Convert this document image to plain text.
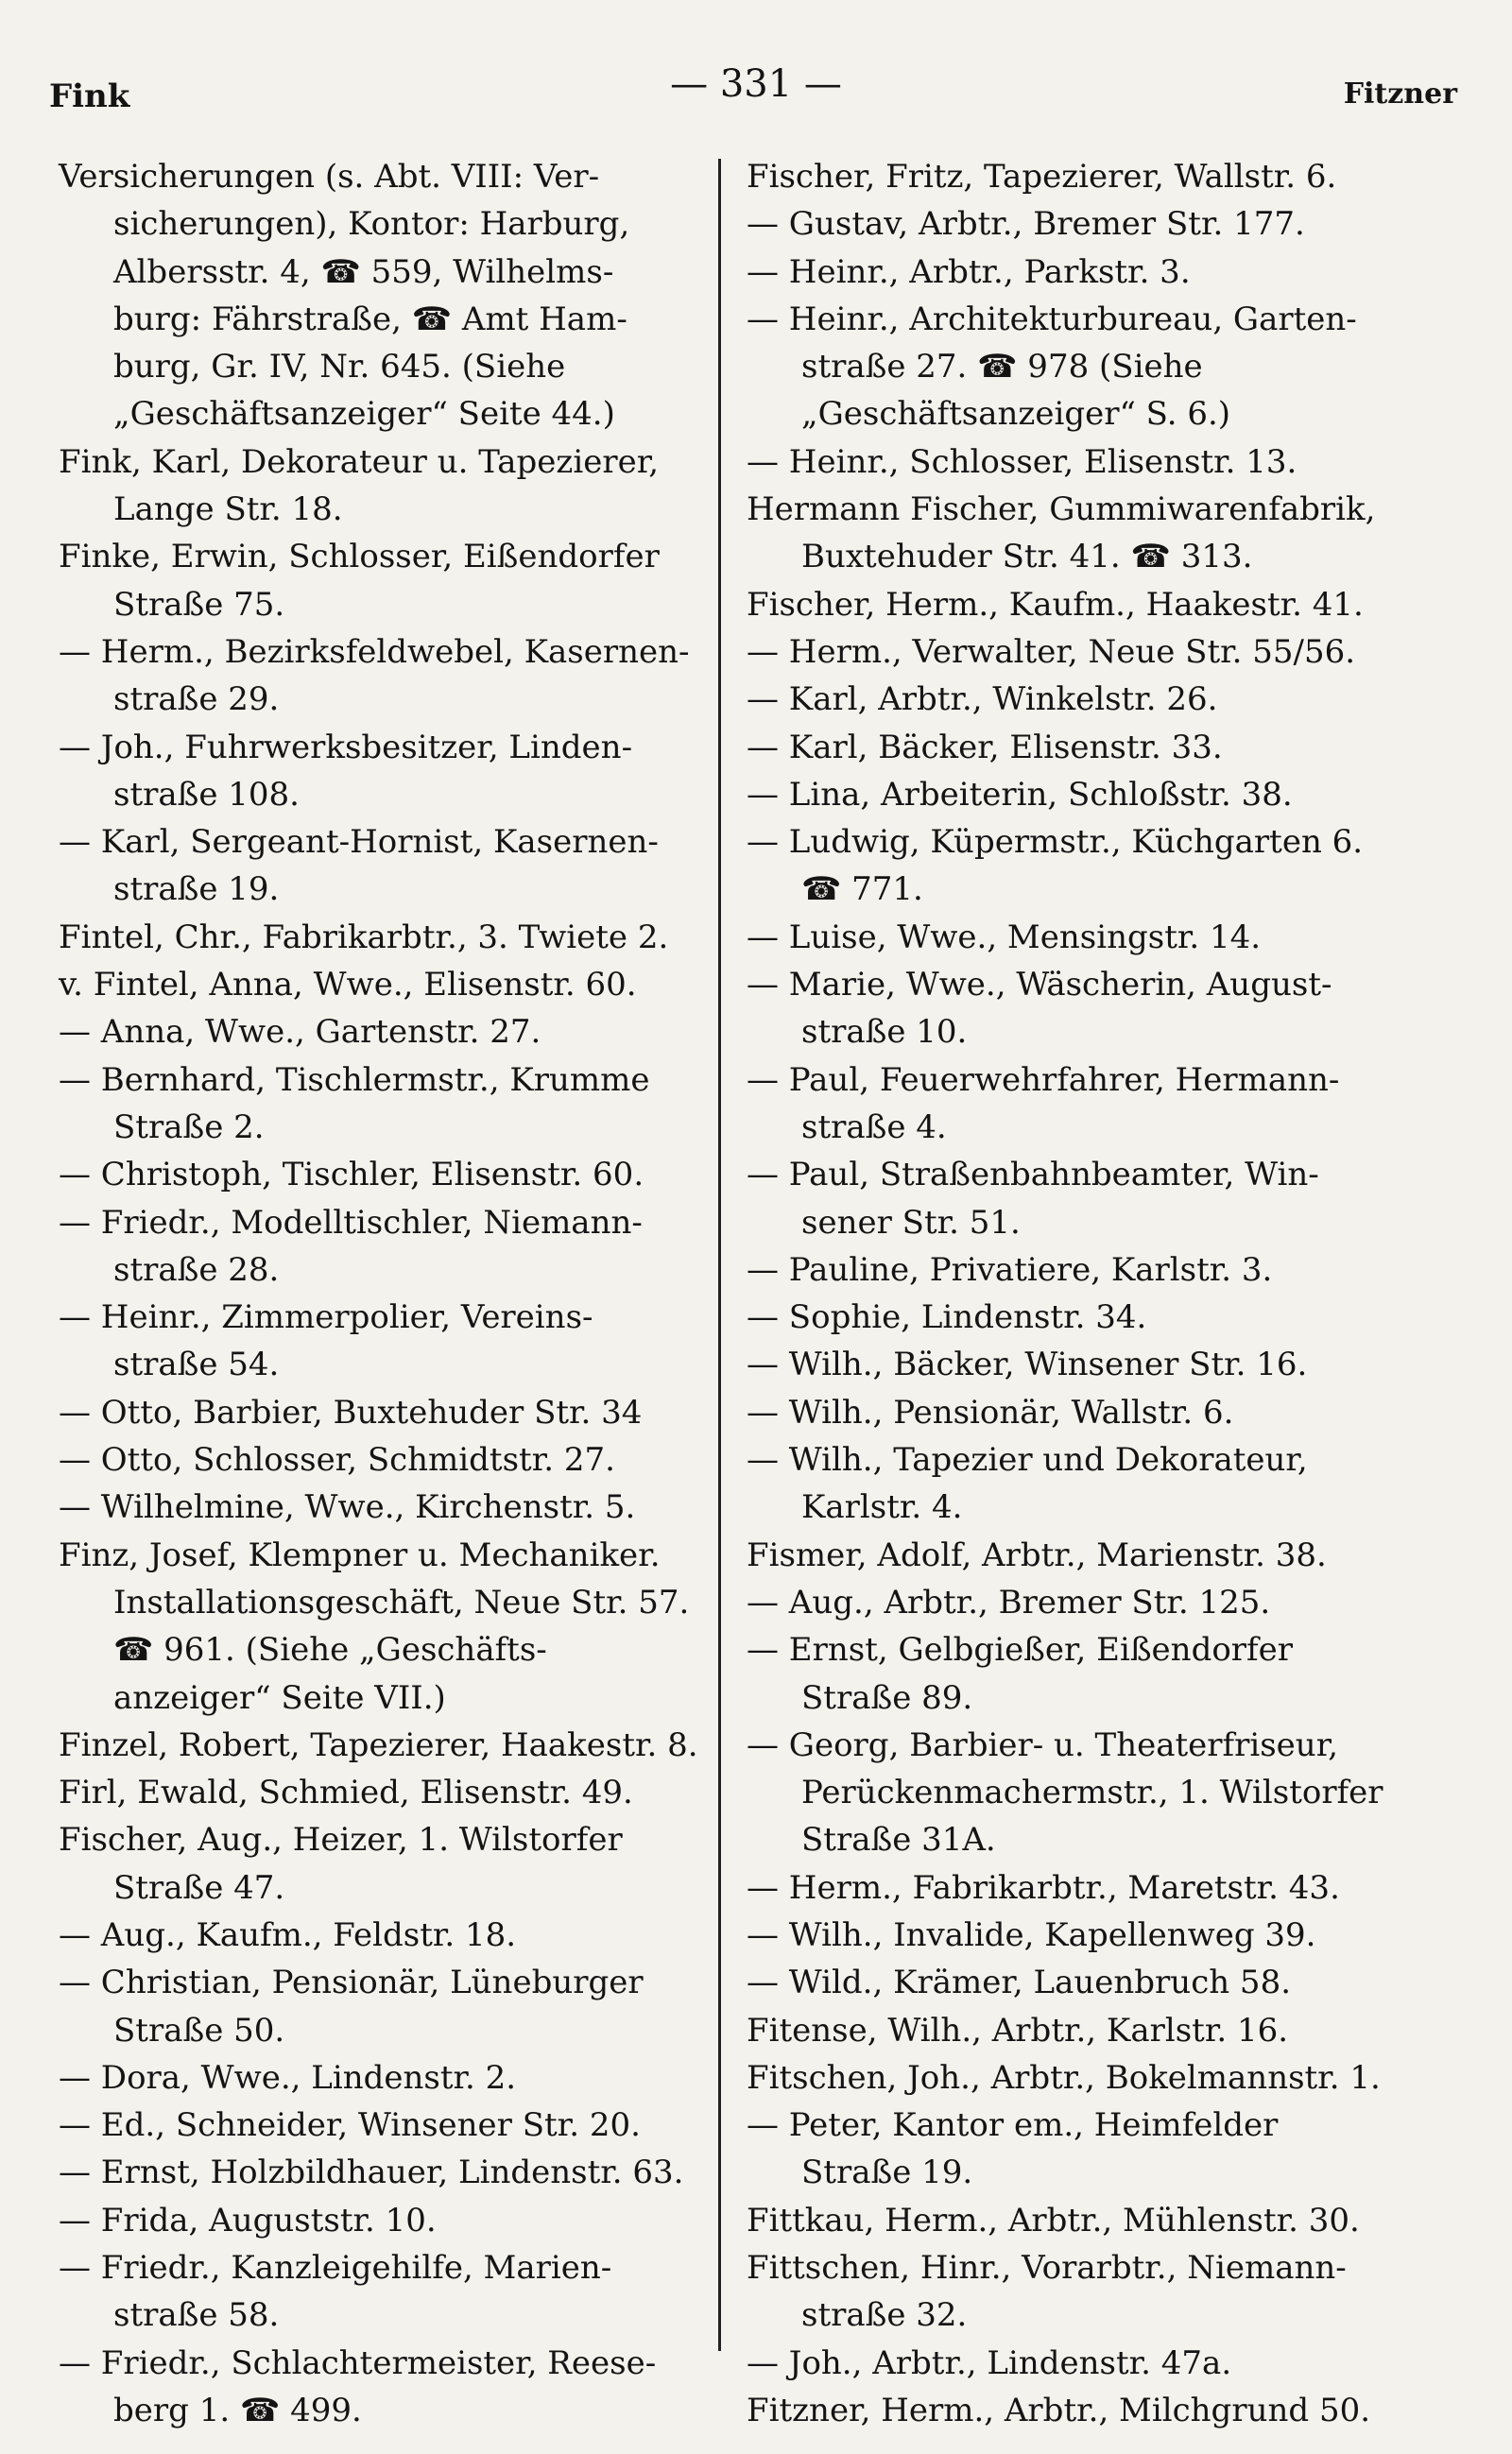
Fink	— 331 —	Fitzner
Versicherungen (s. Abt. VIII: Ver-
sicherungen), Kontor: Harburg,
Albersstr. 4, ☎ 559, Wilhelms-
burg: Fährstraße, ☎ Amt Ham-
burg, Gr. IV, Nr. 645. (Siehe
„Geschäftsanzeiger“ Seite 44.)
Fink, Karl, Dekorateur u. Tapezierer,
Lange Str. 18.
Finke, Erwin, Schlosser, Eißendorfer
Straße 75.
— Herm., Bezirksfeldwebel, Kasernen-
straße 29.
— Joh., Fuhrwerksbesitzer, Linden-
straße 108.
— Karl, Sergeant-Hornist, Kasernen-
straße 19.
Fintel, Chr., Fabrikarbtr., 3. Twiete 2.
v. Fintel, Anna, Wwe., Elisenstr. 60.
— Anna, Wwe., Gartenstr. 27.
— Bernhard, Tischlermstr., Krumme
Straße 2.
— Christoph, Tischler, Elisenstr. 60.
— Friedr., Modelltischler, Niemann-
straße 28.
— Heinr., Zimmerpolier, Vereins-
straße 54.
— Otto, Barbier, Buxtehuder Str. 34
— Otto, Schlosser, Schmidtstr. 27.
— Wilhelmine, Wwe., Kirchenstr. 5.
Finz, Josef, Klempner u. Mechaniker.
Installationsgeschäft, Neue Str. 57.
☎ 961. (Siehe „Geschäfts-
anzeiger“ Seite VII.)
Finzel, Robert, Tapezierer, Haakestr. 8.
Firl, Ewald, Schmied, Elisenstr. 49.
Fischer, Aug., Heizer, 1. Wilstorfer
Straße 47.
— Aug., Kaufm., Feldstr. 18.
— Christian, Pensionär, Lüneburger
Straße 50.
— Dora, Wwe., Lindenstr. 2.
— Ed., Schneider, Winsener Str. 20.
— Ernst, Holzbildhauer, Lindenstr. 63.
— Frida, Auguststr. 10.
— Friedr., Kanzleigehilfe, Marien-
straße 58.
— Friedr., Schlachtermeister, Reese-
berg 1. ☎ 499.
Fischer, Fritz, Tapezierer, Wallstr. 6.
— Gustav, Arbtr., Bremer Str. 177.
— Heinr., Arbtr., Parkstr. 3.
— Heinr., Architekturbureau, Garten-
straße 27. ☎ 978 (Siehe
„Geschäftsanzeiger“ S. 6.)
— Heinr., Schlosser, Elisenstr. 13.
Hermann Fischer, Gummiwarenfabrik,
Buxtehuder Str. 41. ☎ 313.
Fischer, Herm., Kaufm., Haakestr. 41.
— Herm., Verwalter, Neue Str. 55/56.
— Karl, Arbtr., Winkelstr. 26.
— Karl, Bäcker, Elisenstr. 33.
— Lina, Arbeiterin, Schloßstr. 38.
— Ludwig, Küpermstr., Küchgarten 6.
☎ 771.
— Luise, Wwe., Mensingstr. 14.
— Marie, Wwe., Wäscherin, August-
straße 10.
— Paul, Feuerwehrfahrer, Hermann-
straße 4.
— Paul, Straßenbahnbeamter, Win-
sener Str. 51.
— Pauline, Privatiere, Karlstr. 3.
— Sophie, Lindenstr. 34.
— Wilh., Bäcker, Winsener Str. 16.
— Wilh., Pensionär, Wallstr. 6.
— Wilh., Tapezier und Dekorateur,
Karlstr. 4.
Fismer, Adolf, Arbtr., Marienstr. 38.
— Aug., Arbtr., Bremer Str. 125.
— Ernst, Gelbgießer, Eißendorfer
Straße 89.
— Georg, Barbier- u. Theaterfriseur,
Perückenmachermstr., 1. Wilstorfer
Straße 31A.
— Herm., Fabrikarbtr., Maretstr. 43.
— Wilh., Invalide, Kapellenweg 39.
— Wild., Krämer, Lauenbruch 58.
Fitense, Wilh., Arbtr., Karlstr. 16.
Fitschen, Joh., Arbtr., Bokelmannstr. 1.
— Peter, Kantor em., Heimfelder
Straße 19.
Fittkau, Herm., Arbtr., Mühlenstr. 30.
Fittschen, Hinr., Vorarbtr., Niemann-
straße 32.
— Joh., Arbtr., Lindenstr. 47a.
Fitzner, Herm., Arbtr., Milchgrund 50.
